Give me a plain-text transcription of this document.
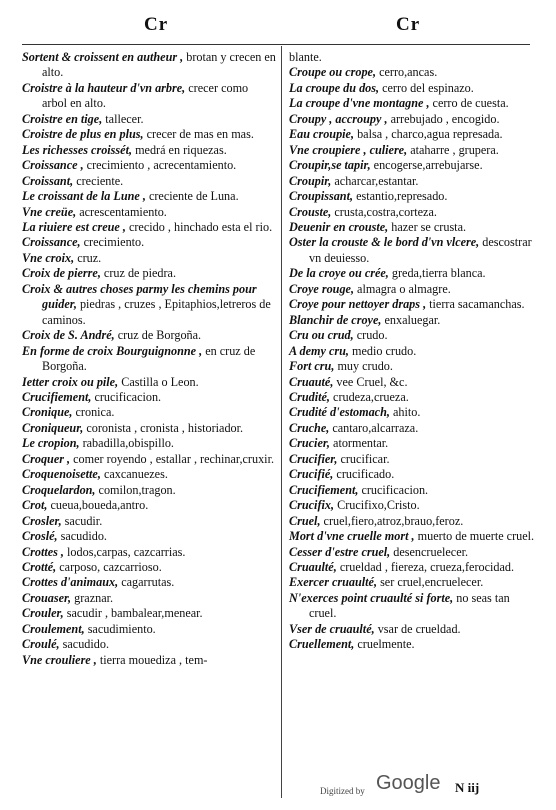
Cr	Cr

Sortent & croissent en autheur , brotan y crecen en alto.

Croistre à la hauteur d'vn arbre, crecer como arbol en alto.

Croistre en tige, tallecer.

Croistre de plus en plus, crecer de mas en mas.

Les richesses croissét, medrá en riquezas.

Croissance , crecimiento , acrecentamiento.

Croissant, creciente.

Le croissant de la Lune , creciente de Luna.

Vne creüe, acrescentamiento.

La riuiere est creue , crecido , hinchado esta el rio.

Croissance, crecimiento.

Vne croix, cruz.

Croix de pierre, cruz de piedra.

Croix & autres choses parmy les chemins pour guider, piedras , cruzes , Epitaphios,letreros de caminos.

Croix de S. André, cruz de Borgoña.

En forme de croix Bourguignonne , en cruz de Borgoña.

Ietter croix ou pile, Castilla o Leon.

Crucifiement, crucificacion.

Cronique, cronica.

Croniqueur, coronista , cronista , historiador.

Le cropion, rabadilla,obispillo.

Croquer , comer royendo , estallar , rechinar,cruxir.

Croquenoisette, caxcanuezes.

Croquelardon, comilon,tragon.

Crot, cueua,boueda,antro.

Crosler, sacudir.

Croslé, sacudido.

Crottes , lodos,carpas, cazcarrias.

Crotté, carposo, cazcarrioso.

Crottes d'animaux, cagarrutas.

Crouaser, graznar.

Crouler, sacudir , bambalear,menear.

Croulement, sacudimiento.

Croulé, sacudido.

Vne crouliere , tierra mouediza , tem-

blante.

Croupe ou crope, cerro,ancas.

La croupe du dos, cerro del espinazo.

La croupe d'vne montagne , cerro de cuesta.

Croupy , accroupy , arrebujado , encogido.

Eau croupie, balsa , charco,agua represada.

Vne croupiere , culiere, ataharre , grupera.

Croupir,se tapir, encogerse,arrebujarse.

Croupir, acharcar,estantar.

Croupissant, estantio,represado.

Crouste, crusta,costra,corteza.

Deuenir en crouste, hazer se crusta.

Oster la crouste & le bord d'vn vlcere, descostrar vn deuiesso.

De la croye ou crée, greda,tierra blanca.

Croye rouge, almagra o almagre.

Croye pour nettoyer draps , tierra sacamanchas.

Blanchir de croye, enxaluegar.

Cru ou crud, crudo.

A demy cru, medio crudo.

Fort cru, muy crudo.

Cruauté, vee Cruel, &c.

Crudité, crudeza,crueza.

Crudité d'estomach, ahito.

Cruche, cantaro,alcarraza.

Crucier, atormentar.

Crucifier, crucificar.

Crucifié, crucificado.

Crucifiement, crucificacion.

Crucifix, Crucifixo,Cristo.

Cruel, cruel,fiero,atroz,brauo,feroz.

Mort d'vne cruelle mort , muerto de muerte cruel.

Cesser d'estre cruel, desencruelecer.

Cruaulté, crueldad , fiereza, crueza,ferocidad.

Exercer cruaulté, ser cruel,encruelecer.

N'exerces point cruaulté si forte, no seas tan cruel.

Vser de cruaulté, vsar de crueldad.

Cruellement, cruelmente.

Digitized by Google N iij
